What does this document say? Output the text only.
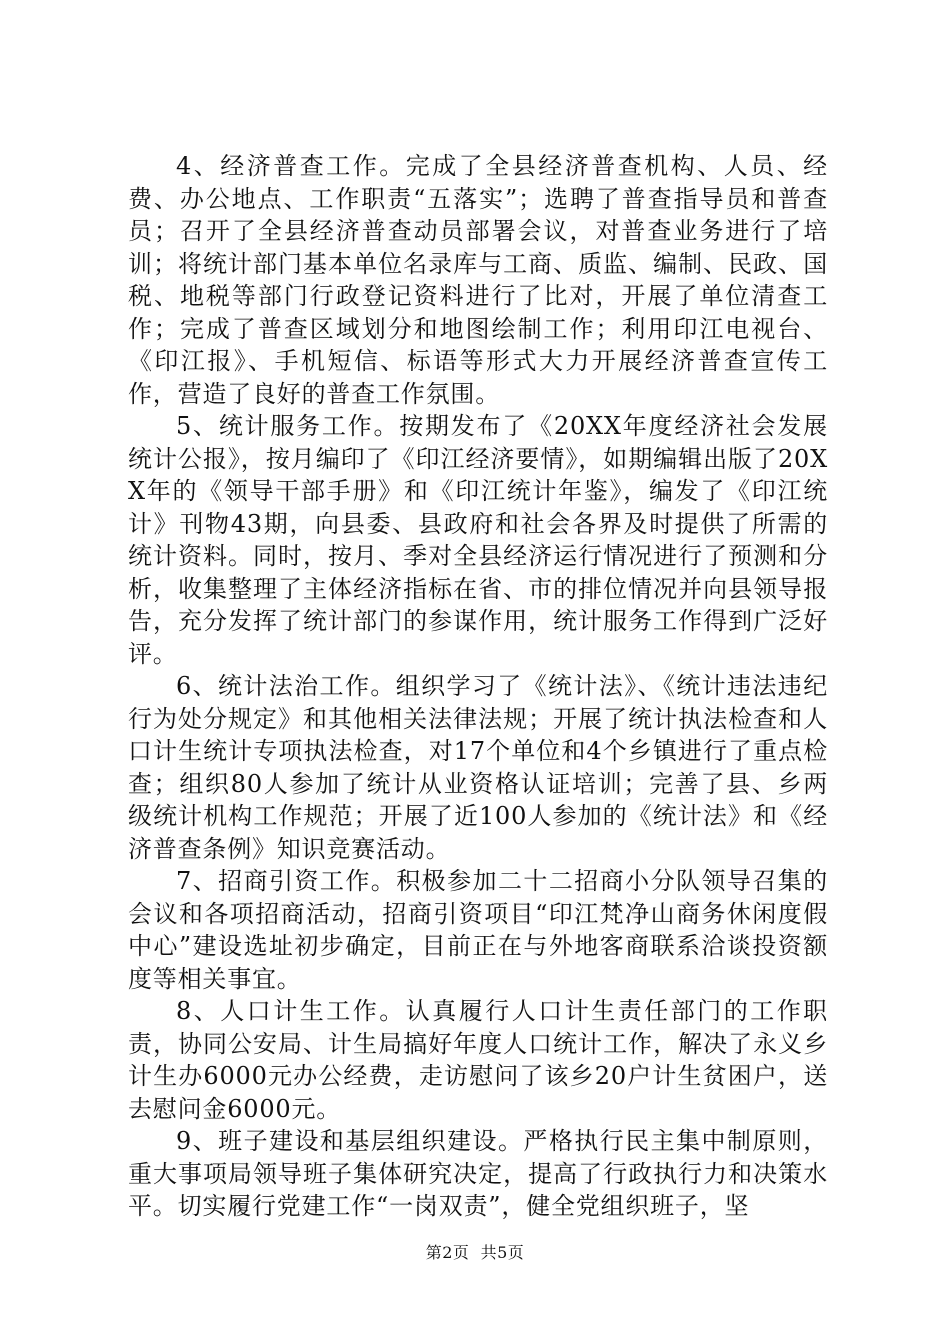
4、经济普查工作。完成了全县经济普查机构、人员、经费、办公地点、工作职责“五落实”；选聘了普查指导员和普查员；召开了全县经济普查动员部署会议，对普查业务进行了培训；将统计部门基本单位名录库与工商、质监、编制、民政、国税、地税等部门行政登记资料进行了比对，开展了单位清查工作；完成了普查区域划分和地图绘制工作；利用印江电视台、《印江报》、手机短信、标语等形式大力开展经济普查宣传工作，营造了良好的普查工作氛围。

5、统计服务工作。按期发布了《20XX年度经济社会发展统计公报》，按月编印了《印江经济要情》，如期编辑出版了20XX年的《领导干部手册》和《印江统计年鉴》，编发了《印江统计》刊物43期，向县委、县政府和社会各界及时提供了所需的统计资料。同时，按月、季对全县经济运行情况进行了预测和分析，收集整理了主体经济指标在省、市的排位情况并向县领导报告，充分发挥了统计部门的参谋作用，统计服务工作得到广泛好评。

6、统计法治工作。组织学习了《统计法》、《统计违法违纪行为处分规定》和其他相关法律法规；开展了统计执法检查和人口计生统计专项执法检查，对17个单位和4个乡镇进行了重点检查；组织80人参加了统计从业资格认证培训；完善了县、乡两级统计机构工作规范；开展了近100人参加的《统计法》和《经济普查条例》知识竞赛活动。

7、招商引资工作。积极参加二十二招商小分队领导召集的会议和各项招商活动，招商引资项目“印江梵净山商务休闲度假中心”建设选址初步确定，目前正在与外地客商联系洽谈投资额度等相关事宜。

8、人口计生工作。认真履行人口计生责任部门的工作职责，协同公安局、计生局搞好年度人口统计工作，解决了永义乡计生办6000元办公经费，走访慰问了该乡20户计生贫困户，送去慰问金6000元。

9、班子建设和基层组织建设。严格执行民主集中制原则，重大事项局领导班子集体研究决定，提高了行政执行力和决策水平。切实履行党建工作“一岗双责”，健全党组织班子，坚

第2页  共5页
